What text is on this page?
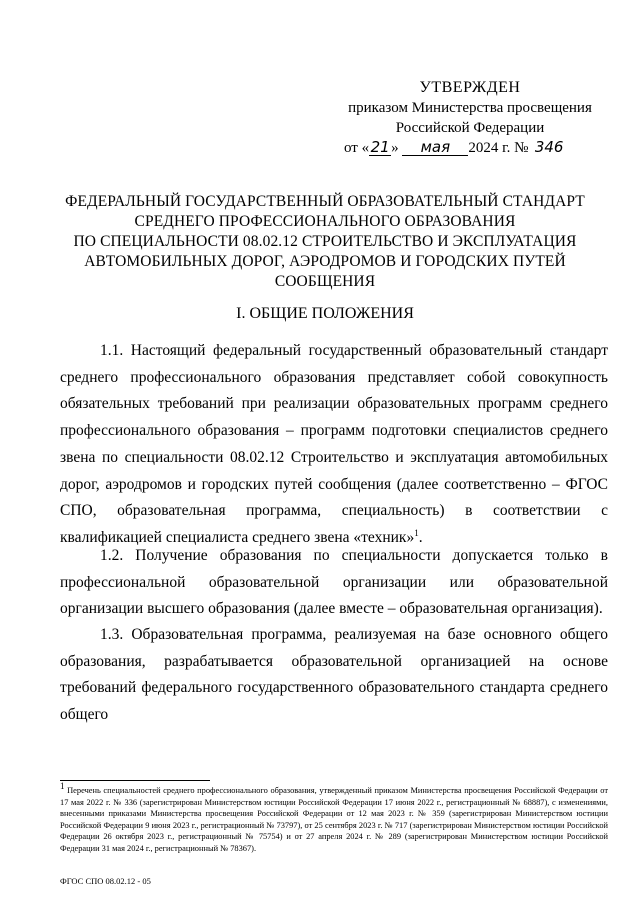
УТВЕРЖДЕН
приказом Министерства просвещения
Российской Федерации
от «21» мая 2024 г. № 346
ФЕДЕРАЛЬНЫЙ ГОСУДАРСТВЕННЫЙ ОБРАЗОВАТЕЛЬНЫЙ СТАНДАРТ
СРЕДНЕГО ПРОФЕССИОНАЛЬНОГО ОБРАЗОВАНИЯ
ПО СПЕЦИАЛЬНОСТИ 08.02.12 СТРОИТЕЛЬСТВО И ЭКСПЛУАТАЦИЯ
АВТОМОБИЛЬНЫХ ДОРОГ, АЭРОДРОМОВ И ГОРОДСКИХ ПУТЕЙ
СООБЩЕНИЯ
I. ОБЩИЕ ПОЛОЖЕНИЯ

1.1. Настоящий федеральный государственный образовательный стандарт среднего профессионального образования представляет собой совокупность обязательных требований при реализации образовательных программ среднего профессионального образования – программ подготовки специалистов среднего звена по специальности 08.02.12 Строительство и эксплуатация автомобильных дорог, аэродромов и городских путей сообщения (далее соответственно – ФГОС СПО, образовательная программа, специальность) в соответствии с квалификацией специалиста среднего звена «техник»$^1$.

1.2. Получение образования по специальности допускается только в профессиональной образовательной организации или образовательной организации высшего образования (далее вместе – образовательная организация).

1.3. Образовательная программа, реализуемая на базе основного общего образования, разрабатывается образовательной организацией на основе требований федерального государственного образовательного стандарта среднего общего

$^1$ Перечень специальностей среднего профессионального образования, утвержденный приказом Министерства просвещения Российской Федерации от 17 мая 2022 г. № 336 (зарегистрирован Министерством юстиции Российской Федерации 17 июня 2022 г., регистрационный № 68887), с изменениями, внесенными приказами Министерства просвещения Российской Федерации от 12 мая 2023 г. № 359 (зарегистрирован Министерством юстиции Российской Федерации 9 июня 2023 г., регистрационный № 73797), от 25 сентября 2023 г. № 717 (зарегистрирован Министерством юстиции Российской Федерации 26 октября 2023 г., регистрационный № 75754) и от 27 апреля 2024 г. № 289 (зарегистрирован Министерством юстиции Российской Федерации 31 мая 2024 г., регистрационный № 78367).
ФГОС СПО 08.02.12 - 05
